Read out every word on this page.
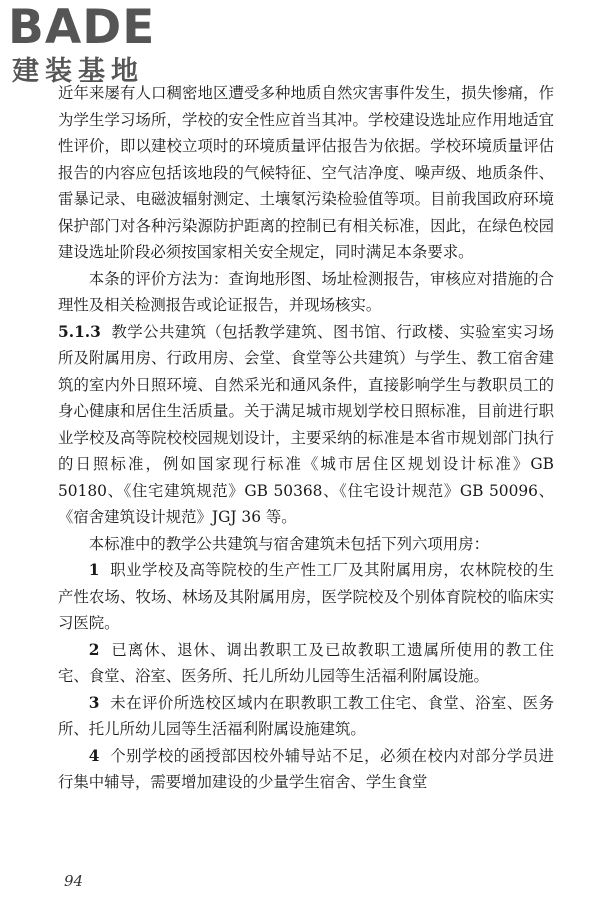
BADE
建装基地

近年来屡有人口稠密地区遭受多种地质自然灾害事件发生，损失惨痛，作为学生学习场所，学校的安全性应首当其冲。学校建设选址应作用地适宜性评价，即以建校立项时的环境质量评估报告为依据。学校环境质量评估报告的内容应包括该地段的气候特征、空气洁净度、噪声级、地质条件、雷暴记录、电磁波辐射测定、土壤氡污染检验值等项。目前我国政府环境保护部门对各种污染源防护距离的控制已有相关标准，因此，在绿色校园建设选址阶段必须按国家相关安全规定，同时满足本条要求。

本条的评价方法为：查询地形图、场址检测报告，审核应对措施的合理性及相关检测报告或论证报告，并现场核实。

5.1.3 教学公共建筑（包括教学建筑、图书馆、行政楼、实验室实习场所及附属用房、行政用房、会堂、食堂等公共建筑）与学生、教工宿舍建筑的室内外日照环境、自然采光和通风条件，直接影响学生与教职员工的身心健康和居住生活质量。关于满足城市规划学校日照标准，目前进行职业学校及高等院校校园规划设计，主要采纳的标准是本省市规划部门执行的日照标准，例如国家现行标准《城市居住区规划设计标准》GB 50180、《住宅建筑规范》GB 50368、《住宅设计规范》GB 50096、《宿舍建筑设计规范》JGJ 36 等。

本标准中的教学公共建筑与宿舍建筑未包括下列六项用房：

1 职业学校及高等院校的生产性工厂及其附属用房，农林院校的生产性农场、牧场、林场及其附属用房，医学院校及个别体育院校的临床实习医院。

2 已离休、退休、调出教职工及已故教职工遗属所使用的教工住宅、食堂、浴室、医务所、托儿所幼儿园等生活福利附属设施。

3 未在评价所选校区域内在职教职工教工住宅、食堂、浴室、医务所、托儿所幼儿园等生活福利附属设施建筑。

4 个别学校的函授部因校外辅导站不足，必须在校内对部分学员进行集中辅导，需要增加建设的少量学生宿舍、学生食堂

94
